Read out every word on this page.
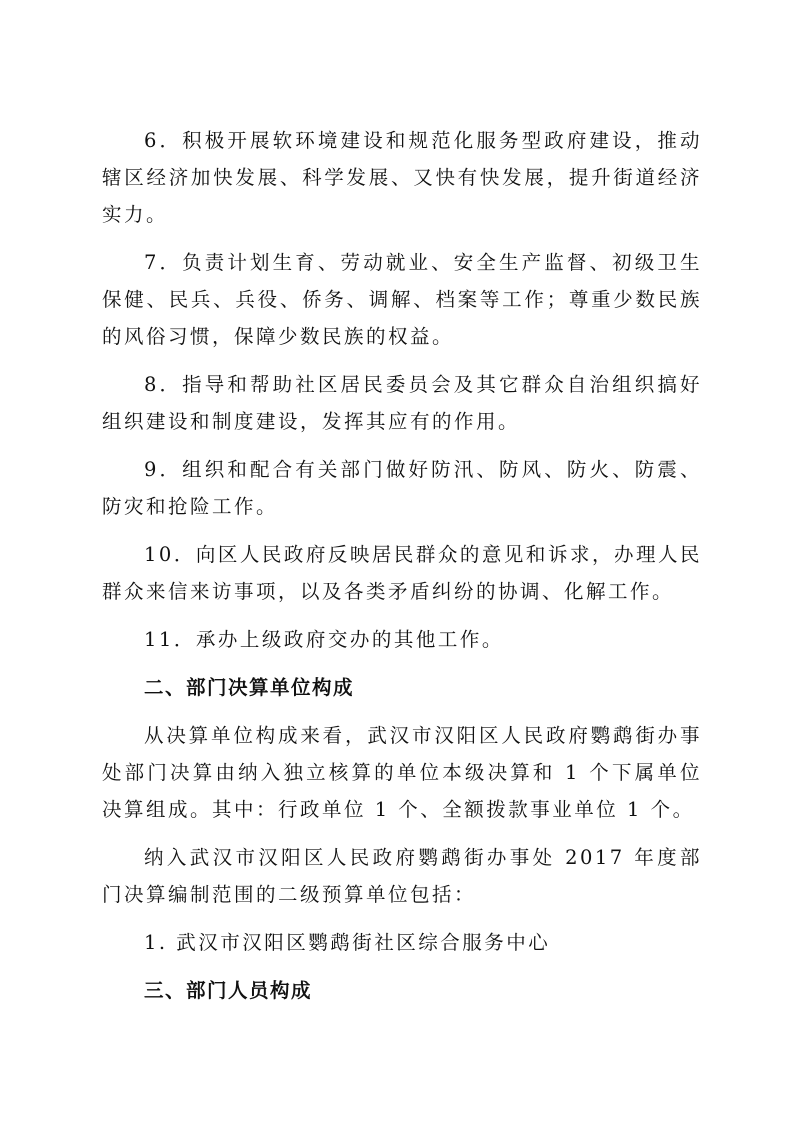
6．积极开展软环境建设和规范化服务型政府建设，推动辖区经济加快发展、科学发展、又快有快发展，提升街道经济实力。

7．负责计划生育、劳动就业、安全生产监督、初级卫生保健、民兵、兵役、侨务、调解、档案等工作；尊重少数民族的风俗习惯，保障少数民族的权益。

8．指导和帮助社区居民委员会及其它群众自治组织搞好组织建设和制度建设，发挥其应有的作用。

9．组织和配合有关部门做好防汛、防风、防火、防震、防灾和抢险工作。

10．向区人民政府反映居民群众的意见和诉求，办理人民群众来信来访事项，以及各类矛盾纠纷的协调、化解工作。

11．承办上级政府交办的其他工作。

二、部门决算单位构成

从决算单位构成来看，武汉市汉阳区人民政府鹦鹉街办事处部门决算由纳入独立核算的单位本级决算和 1 个下属单位决算组成。其中：行政单位 1 个、全额拨款事业单位 1 个。

纳入武汉市汉阳区人民政府鹦鹉街办事处 2017 年度部门决算编制范围的二级预算单位包括：

1. 武汉市汉阳区鹦鹉街社区综合服务中心

三、部门人员构成
